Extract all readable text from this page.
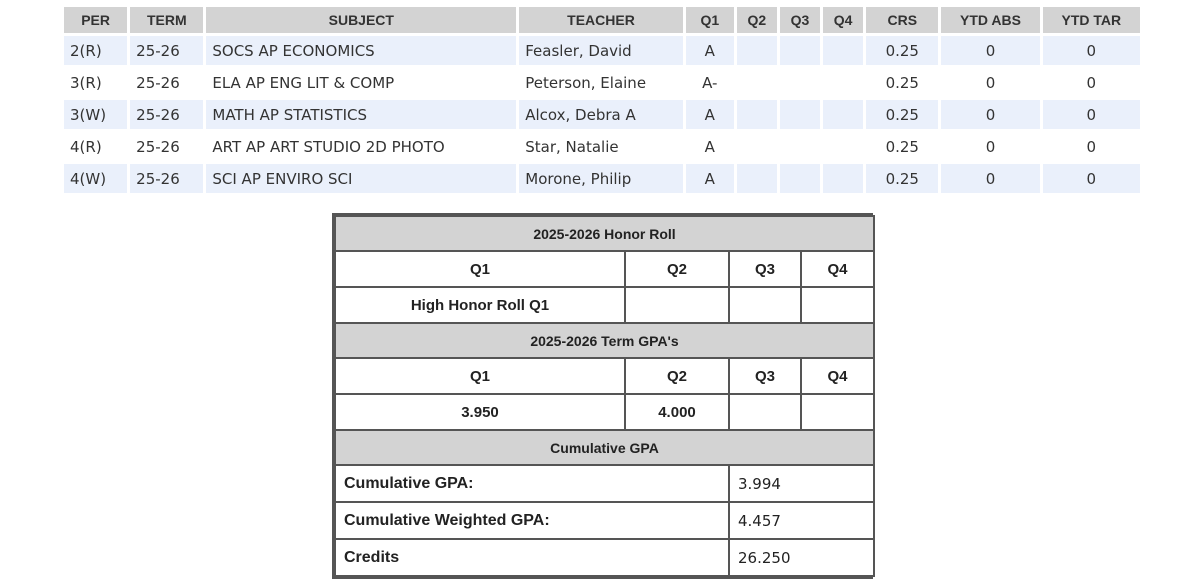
PER	TERM	SUBJECT	TEACHER	Q1	Q2	Q3	Q4	CRS	YTD ABS	YTD TAR
2(R)	25-26	SOCS AP ECONOMICS	Feasler, David	A				0.25	0	0
3(R)	25-26	ELA AP ENG LIT & COMP	Peterson, Elaine	A-				0.25	0	0
3(W)	25-26	MATH AP STATISTICS	Alcox, Debra A	A				0.25	0	0
4(R)	25-26	ART AP ART STUDIO 2D PHOTO	Star, Natalie	A				0.25	0	0
4(W)	25-26	SCI AP ENVIRO SCI	Morone, Philip	A				0.25	0	0
2025-2026 Honor Roll			
Q1	Q2	Q3	Q4
High Honor Roll Q1			
2025-2026 Term GPA's			
Q1	Q2	Q3	Q4
3.950	4.000		
Cumulative GPA			
Cumulative GPA:		3.994	
Cumulative Weighted GPA:		4.457	
Credits		26.250	
